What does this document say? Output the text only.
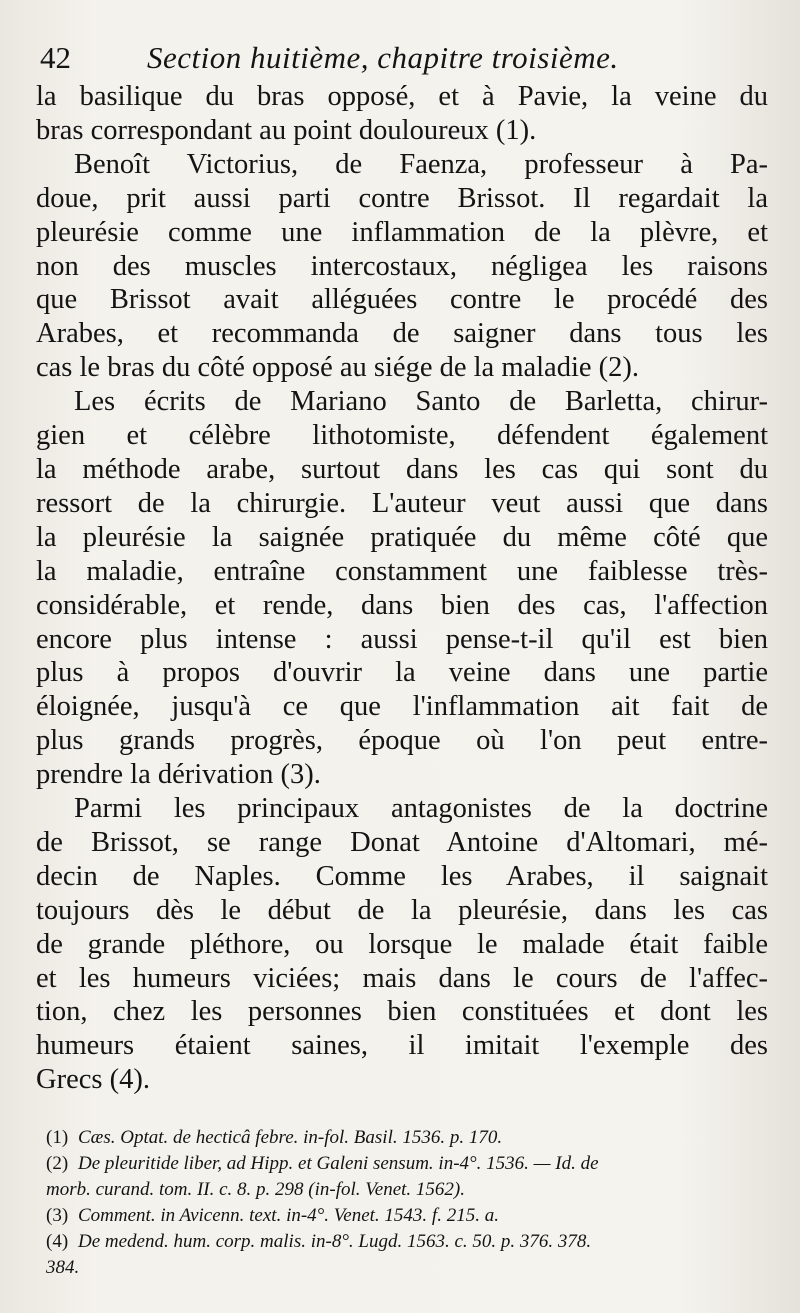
42 Section huitième, chapitre troisième.

la basilique du bras opposé, et à Pavie, la veine du
bras correspondant au point douloureux (1).

Benoît Victorius, de Faenza, professeur à Pa-
doue, prit aussi parti contre Brissot. Il regardait la
pleurésie comme une inflammation de la plèvre, et
non des muscles intercostaux, négligea les raisons
que Brissot avait alléguées contre le procédé des
Arabes, et recommanda de saigner dans tous les
cas le bras du côté opposé au siége de la maladie (2).

Les écrits de Mariano Santo de Barletta, chirur-
gien et célèbre lithotomiste, défendent également
la méthode arabe, surtout dans les cas qui sont du
ressort de la chirurgie. L'auteur veut aussi que dans
la pleurésie la saignée pratiquée du même côté que
la maladie, entraîne constamment une faiblesse très-
considérable, et rende, dans bien des cas, l'affection
encore plus intense : aussi pense-t-il qu'il est bien
plus à propos d'ouvrir la veine dans une partie
éloignée, jusqu'à ce que l'inflammation ait fait de
plus grands progrès, époque où l'on peut entre-
prendre la dérivation (3).

Parmi les principaux antagonistes de la doctrine
de Brissot, se range Donat Antoine d'Altomari, mé-
decin de Naples. Comme les Arabes, il saignait
toujours dès le début de la pleurésie, dans les cas
de grande pléthore, ou lorsque le malade était faible
et les humeurs viciées; mais dans le cours de l'affec-
tion, chez les personnes bien constituées et dont les
humeurs étaient saines, il imitait l'exemple des
Grecs (4).

(1) Cæs. Optat. de hecticâ febre. in-fol. Basil. 1536. p. 170.
(2) De pleuritide liber, ad Hipp. et Galeni sensum. in-4°. 1536. — Id. de
morb. curand. tom. II. c. 8. p. 298 (in-fol. Venet. 1562).
(3) Comment. in Avicenn. text. in-4°. Venet. 1543. f. 215. a.
(4) De medend. hum. corp. malis. in-8°. Lugd. 1563. c. 50. p. 376. 378.
384.
